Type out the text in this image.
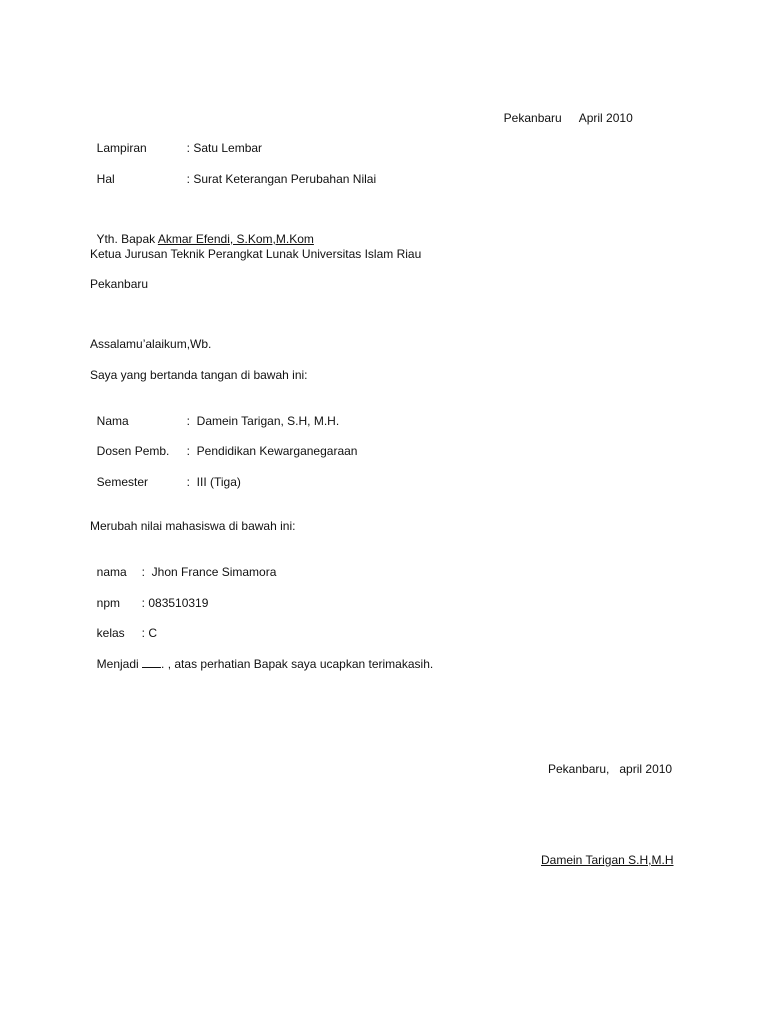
Pekanbaru April 2010

Lampiran	: Satu Lembar

Hal	: Surat Keterangan Perubahan Nilai

Yth. Bapak Akmar Efendi, S.Kom,M.Kom

Ketua Jurusan Teknik Perangkat Lunak Universitas Islam Riau
Pekanbaru
Assalamu’alaikum,Wb.
Saya yang bertanda tangan di bawah ini:

Nama	:  Damein Tarigan, S.H, M.H.

Dosen Pemb. :  Pendidikan Kewarganegaraan

Semester	:  III (Tiga)

Merubah nilai mahasiswa di bawah ini:

nama :  Jhon France Simamora

npm : 083510319

kelas : C

Menjadi . , atas perhatian Bapak saya ucapkan terimakasih.

Pekanbaru,   april 2010
Damein Tarigan S.H,M.H
